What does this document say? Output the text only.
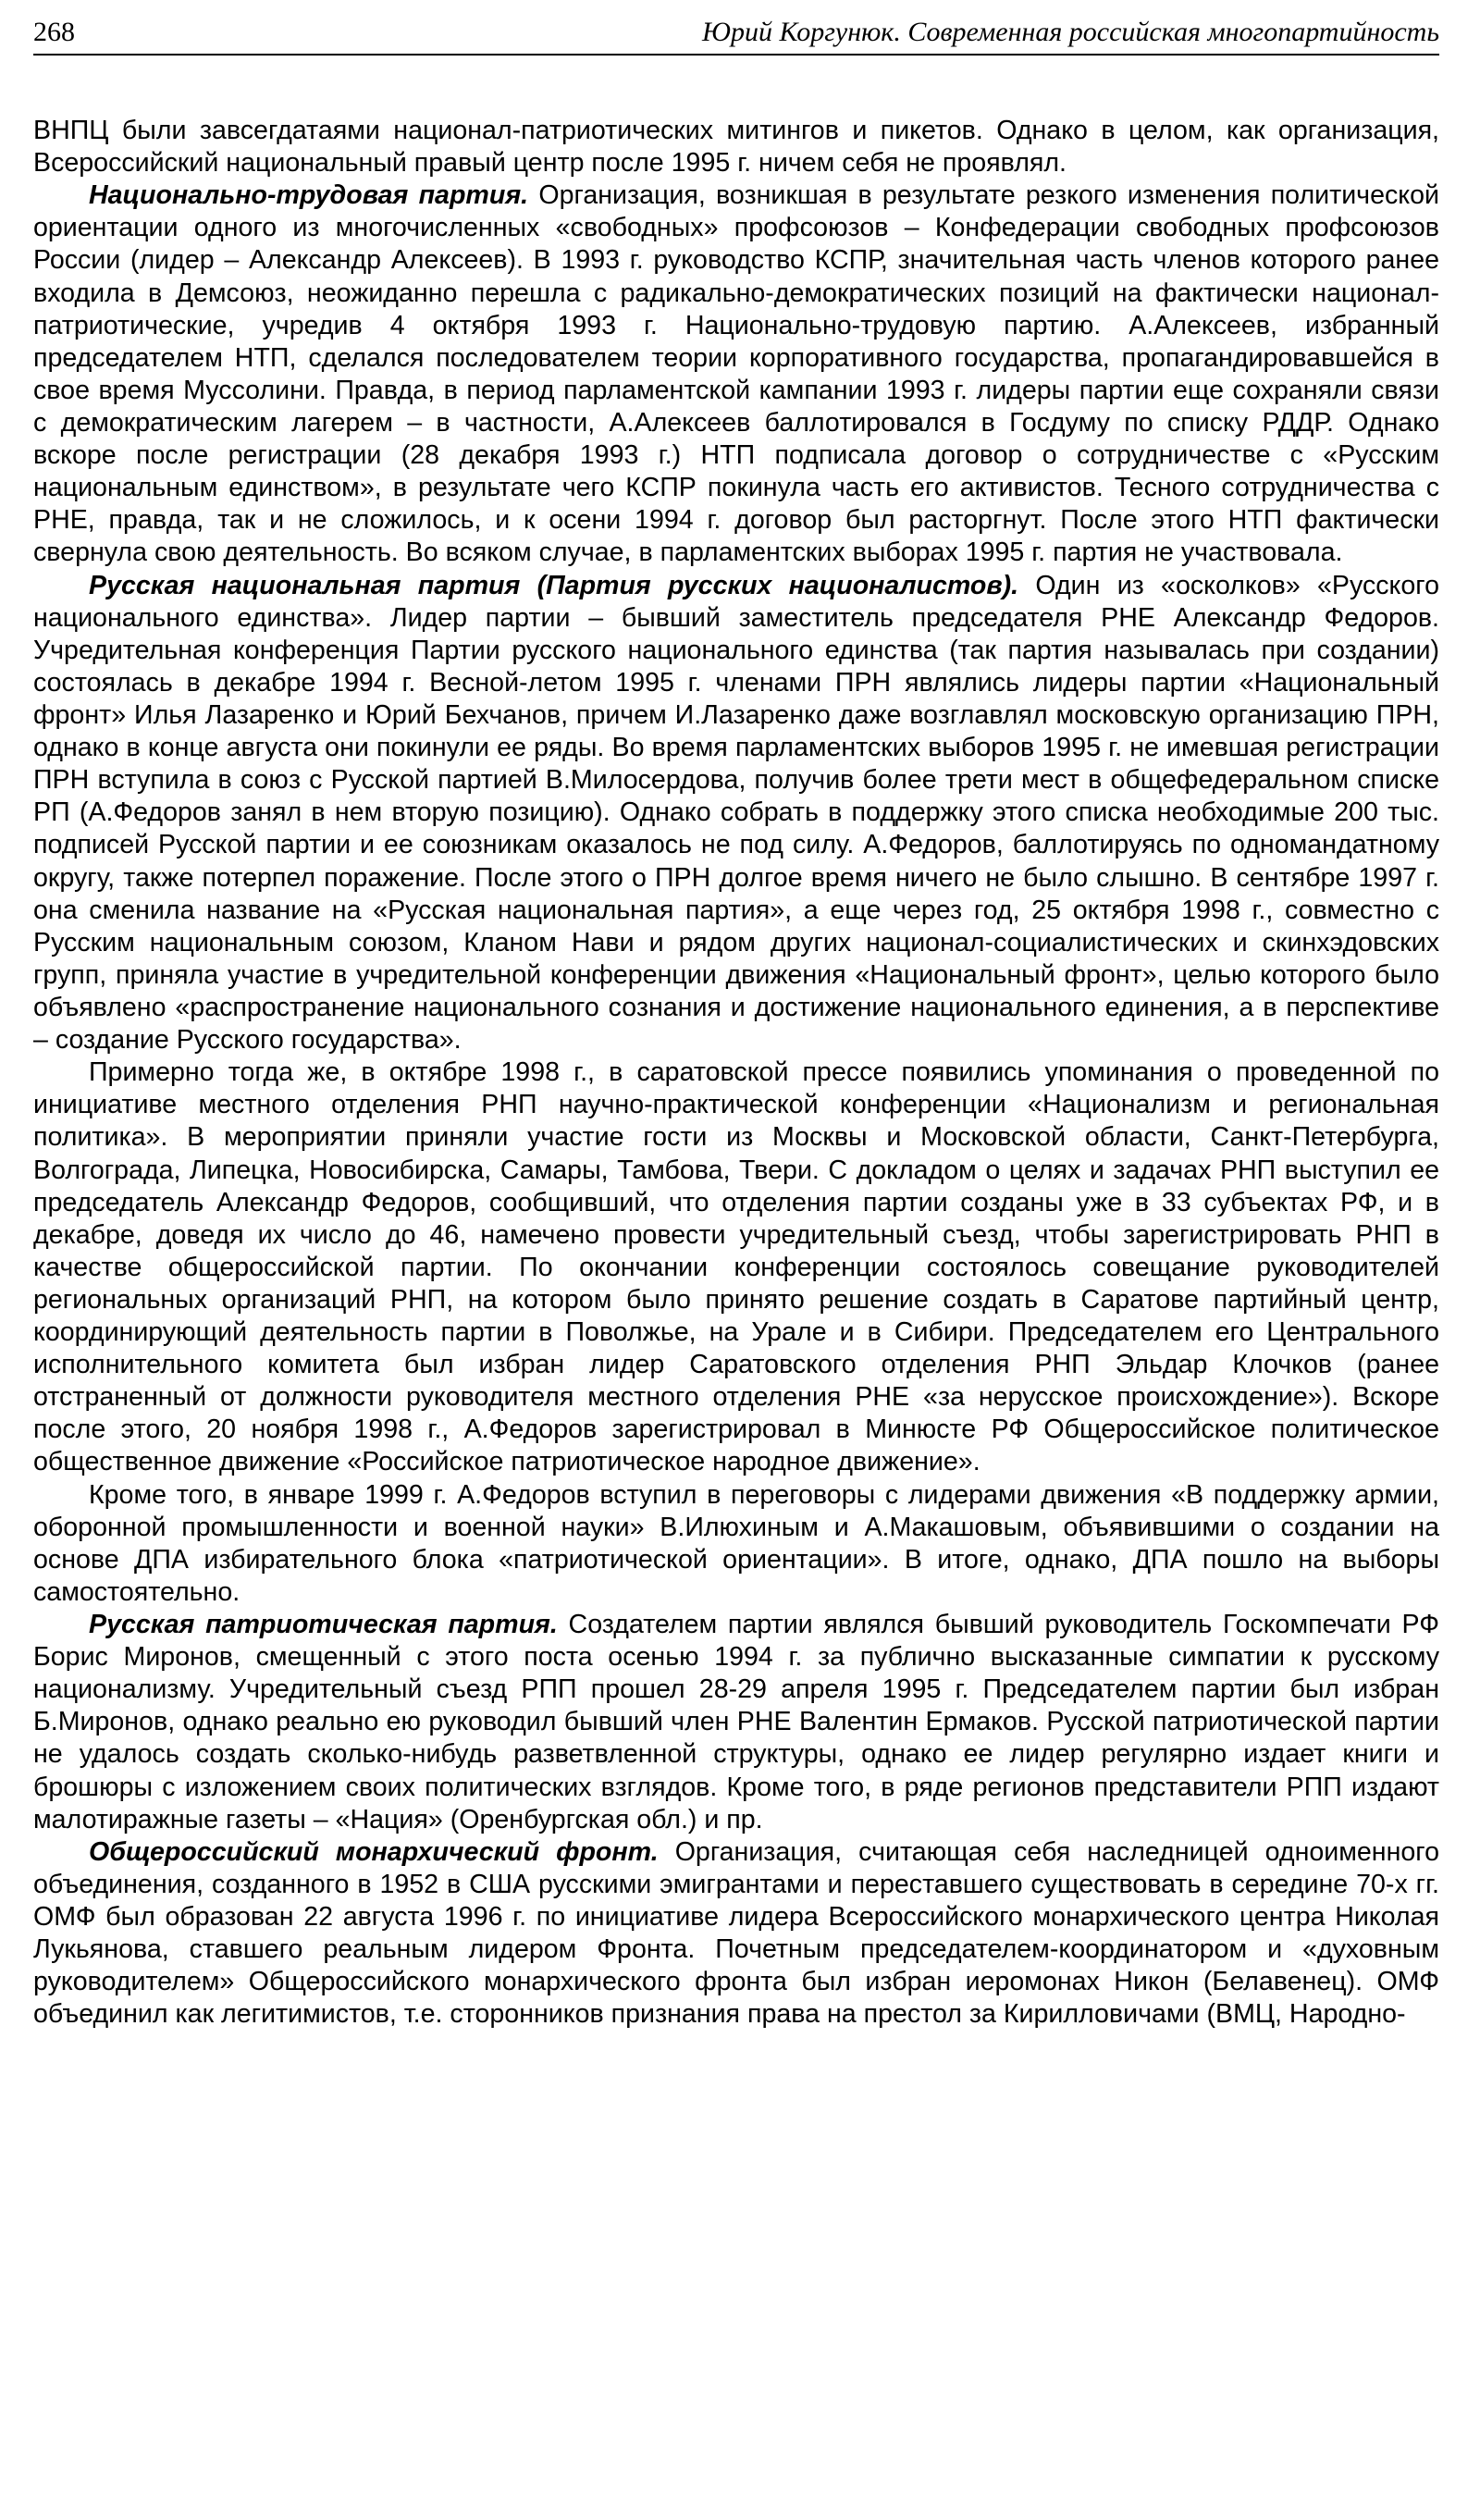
268	Юрий Коргунюк. Современная российская многопартийность

ВНПЦ были завсегдатаями национал-патриотических митингов и пикетов. Однако в целом, как организация, Всероссийский национальный правый центр после 1995 г. ничем себя не проявлял.

Национально-трудовая партия. Организация, возникшая в результате резкого изменения политической ориентации одного из многочисленных «свободных» профсоюзов – Конфедерации свободных профсоюзов России (лидер – Александр Алексеев). В 1993 г. руководство КСПР, значительная часть членов которого ранее входила в Демсоюз, неожиданно перешла с радикально-демократических позиций на фактически национал-патриотические, учредив 4 октября 1993 г. Национально-трудовую партию. А.Алексеев, избранный председателем НТП, сделался последователем теории корпоративного государства, пропагандировавшейся в свое время Муссолини. Правда, в период парламентской кампании 1993 г. лидеры партии еще сохраняли связи с демократическим лагерем – в частности, А.Алексеев баллотировался в Госдуму по списку РДДР. Однако вскоре после регистрации (28 декабря 1993 г.) НТП подписала договор о сотрудничестве с «Русским национальным единством», в результате чего КСПР покинула часть его активистов. Тесного сотрудничества с РНЕ, правда, так и не сложилось, и к осени 1994 г. договор был расторгнут. После этого НТП фактически свернула свою деятельность. Во всяком случае, в парламентских выборах 1995 г. партия не участвовала.

Русская национальная партия (Партия русских националистов). Один из «осколков» «Русского национального единства». Лидер партии – бывший заместитель председателя РНЕ Александр Федоров. Учредительная конференция Партии русского национального единства (так партия называлась при создании) состоялась в декабре 1994 г. Весной-летом 1995 г. членами ПРН являлись лидеры партии «Национальный фронт» Илья Лазаренко и Юрий Бехчанов, причем И.Лазаренко даже возглавлял московскую организацию ПРН, однако в конце августа они покинули ее ряды. Во время парламентских выборов 1995 г. не имевшая регистрации ПРН вступила в союз с Русской партией В.Милосердова, получив более трети мест в общефедеральном списке РП (А.Федоров занял в нем вторую позицию). Однако собрать в поддержку этого списка необходимые 200 тыс. подписей Русской партии и ее союзникам оказалось не под силу. А.Федоров, баллотируясь по одномандатному округу, также потерпел поражение. После этого о ПРН долгое время ничего не было слышно. В сентябре 1997 г. она сменила название на «Русская национальная партия», а еще через год, 25 октября 1998 г., совместно с Русским национальным союзом, Кланом Нави и рядом других национал-социалистических и скинхэдовских групп, приняла участие в учредительной конференции движения «Национальный фронт», целью которого было объявлено «распространение национального сознания и достижение национального единения, а в перспективе – создание Русского государства».

Примерно тогда же, в октябре 1998 г., в саратовской прессе появились упоминания о проведенной по инициативе местного отделения РНП научно-практической конференции «Национализм и региональная политика». В мероприятии приняли участие гости из Москвы и Московской области, Санкт-Петербурга, Волгограда, Липецка, Новосибирска, Самары, Тамбова, Твери. С докладом о целях и задачах РНП выступил ее председатель Александр Федоров, сообщивший, что отделения партии созданы уже в 33 субъектах РФ, и в декабре, доведя их число до 46, намечено провести учредительный съезд, чтобы зарегистрировать РНП в качестве общероссийской партии. По окончании конференции состоялось совещание руководителей региональных организаций РНП, на котором было принято решение создать в Саратове партийный центр, координирующий деятельность партии в Поволжье, на Урале и в Сибири. Председателем его Центрального исполнительного комитета был избран лидер Саратовского отделения РНП Эльдар Клочков (ранее отстраненный от должности руководителя местного отделения РНЕ «за нерусское происхождение»). Вскоре после этого, 20 ноября 1998 г., А.Федоров зарегистрировал в Минюсте РФ Общероссийское политическое общественное движение «Российское патриотическое народное движение».

Кроме того, в январе 1999 г. А.Федоров вступил в переговоры с лидерами движения «В поддержку армии, оборонной промышленности и военной науки» В.Илюхиным и А.Макашовым, объявившими о создании на основе ДПА избирательного блока «патриотической ориентации». В итоге, однако, ДПА пошло на выборы самостоятельно.

Русская патриотическая партия. Создателем партии являлся бывший руководитель Госкомпечати РФ Борис Миронов, смещенный с этого поста осенью 1994 г. за публично высказанные симпатии к русскому национализму. Учредительный съезд РПП прошел 28-29 апреля 1995 г. Председателем партии был избран Б.Миронов, однако реально ею руководил бывший член РНЕ Валентин Ермаков. Русской патриотической партии не удалось создать сколько-нибудь разветвленной структуры, однако ее лидер регулярно издает книги и брошюры с изложением своих политических взглядов. Кроме того, в ряде регионов представители РПП издают малотиражные газеты – «Нация» (Оренбургская обл.) и пр.

Общероссийский монархический фронт. Организация, считающая себя наследницей одноименного объединения, созданного в 1952 в США русскими эмигрантами и переставшего существовать в середине 70-х гг. ОМФ был образован 22 августа 1996 г. по инициативе лидера Всероссийского монархического центра Николая Лукьянова, ставшего реальным лидером Фронта. Почетным председателем-координатором и «духовным руководителем» Общероссийского монархического фронта был избран иеромонах Никон (Белавенец). ОМФ объединил как легитимистов, т.е. сторонников признания права на престол за Кирилловичами (ВМЦ, Народно-
